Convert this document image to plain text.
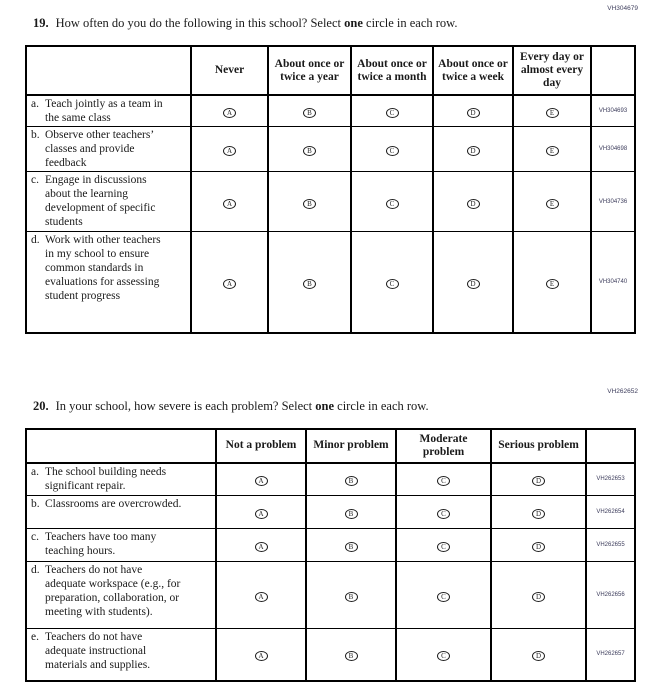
VH304679
19. How often do you do the following in this school? Select one circle in each row.
	Never	About once or twice a year	About once or twice a month	About once or twice a week	Every day or almost every day	
a. Teach jointly as a team in the same class	A	B	C	D	E	VH304693
b. Observe other teachers’ classes and provide feedback	A	B	C	D	E	VH304698
c. Engage in discussions about the learning development of specific students	A	B	C	D	E	VH304736
d. Work with other teachers in my school to ensure common standards in evaluations for assessing student progress	A	B	C	D	E	VH304740
VH262652
20. In your school, how severe is each problem? Select one circle in each row.
	Not a problem	Minor problem	Moderate problem	Serious problem	
a. The school building needs significant repair.	A	B	C	D	VH262653
b. Classrooms are overcrowded.	A	B	C	D	VH262654
c. Teachers have too many teaching hours.	A	B	C	D	VH262655
d. Teachers do not have adequate workspace (e.g., for preparation, collaboration, or meeting with students).	A	B	C	D	VH262656
e. Teachers do not have adequate instructional materials and supplies.	A	B	C	D	VH262657
